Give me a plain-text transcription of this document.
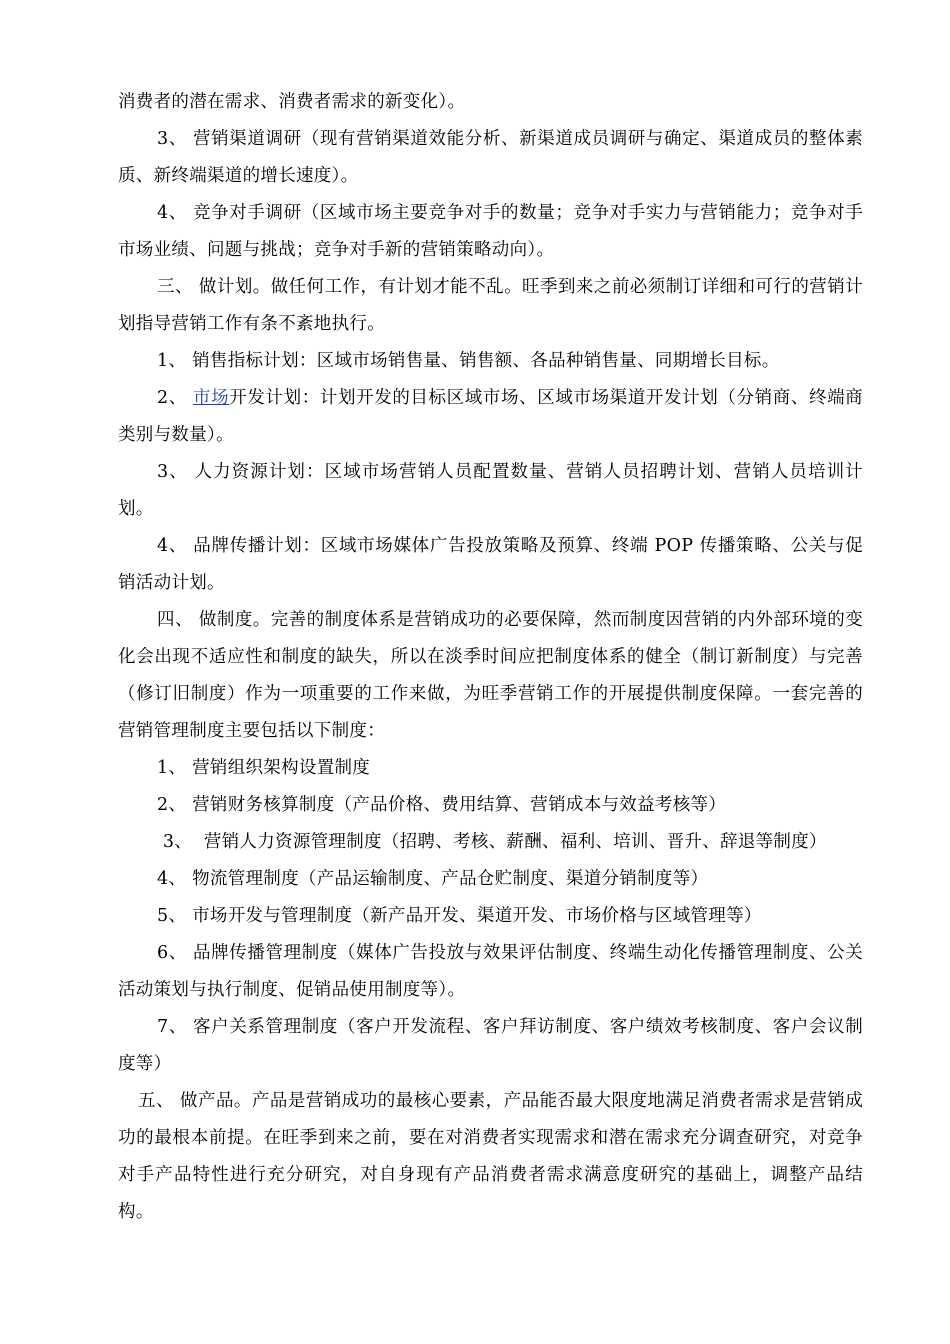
消费者的潜在需求、消费者需求的新变化）。

3、 营销渠道调研（现有营销渠道效能分析、新渠道成员调研与确定、渠道成员的整体素质、新终端渠道的增长速度）。

4、 竞争对手调研（区域市场主要竞争对手的数量；竞争对手实力与营销能力；竞争对手市场业绩、问题与挑战；竞争对手新的营销策略动向）。

三、 做计划。做任何工作，有计划才能不乱。旺季到来之前必须制订详细和可行的营销计划指导营销工作有条不紊地执行。

1、 销售指标计划：区域市场销售量、销售额、各品种销售量、同期增长目标。

2、 市场开发计划：计划开发的目标区域市场、区域市场渠道开发计划（分销商、终端商类别与数量）。

3、 人力资源计划：区域市场营销人员配置数量、营销人员招聘计划、营销人员培训计划。

4、 品牌传播计划：区域市场媒体广告投放策略及预算、终端 POP 传播策略、公关与促销活动计划。

四、 做制度。完善的制度体系是营销成功的必要保障，然而制度因营销的内外部环境的变化会出现不适应性和制度的缺失，所以在淡季时间应把制度体系的健全（制订新制度）与完善（修订旧制度）作为一项重要的工作来做，为旺季营销工作的开展提供制度保障。一套完善的营销管理制度主要包括以下制度：

1、 营销组织架构设置制度

2、 营销财务核算制度（产品价格、费用结算、营销成本与效益考核等）

3、  营销人力资源管理制度（招聘、考核、薪酬、福利、培训、晋升、辞退等制度）

4、 物流管理制度（产品运输制度、产品仓贮制度、渠道分销制度等）

5、 市场开发与管理制度（新产品开发、渠道开发、市场价格与区域管理等）

6、 品牌传播管理制度（媒体广告投放与效果评估制度、终端生动化传播管理制度、公关活动策划与执行制度、促销品使用制度等）。

7、 客户关系管理制度（客户开发流程、客户拜访制度、客户绩效考核制度、客户会议制度等）

五、 做产品。产品是营销成功的最核心要素，产品能否最大限度地满足消费者需求是营销成功的最根本前提。在旺季到来之前，要在对消费者实现需求和潜在需求充分调查研究，对竞争对手产品特性进行充分研究，对自身现有产品消费者需求满意度研究的基础上，调整产品结构。
